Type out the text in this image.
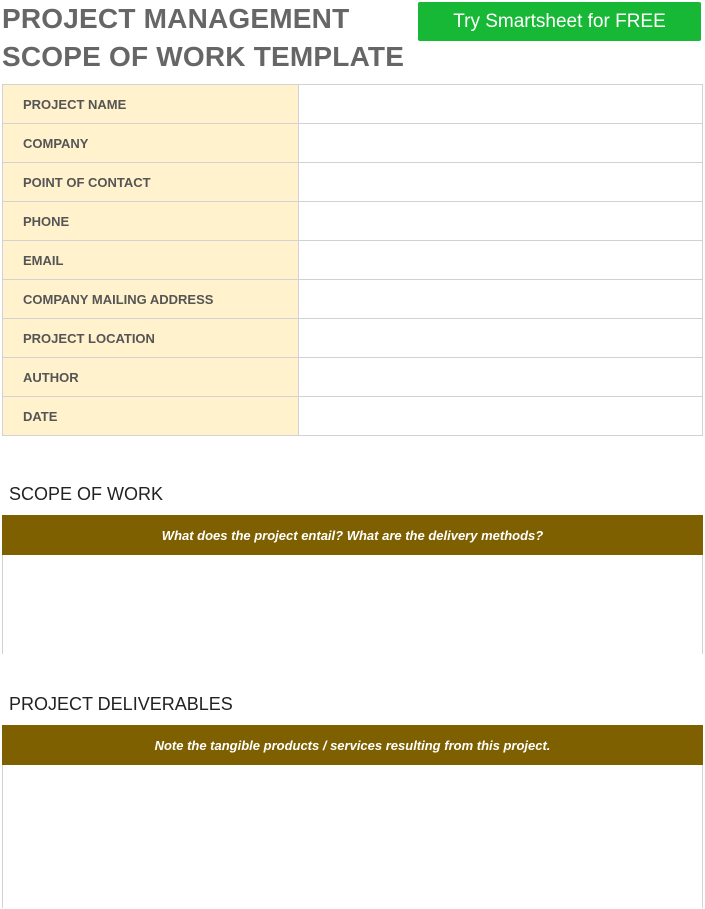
PROJECT MANAGEMENT
SCOPE OF WORK TEMPLATE
Try Smartsheet for FREE
PROJECT NAME	
COMPANY	
POINT OF CONTACT	
PHONE	
EMAIL	
COMPANY MAILING ADDRESS	
PROJECT LOCATION	
AUTHOR	
DATE	
SCOPE OF WORK
What does the project entail? What are the delivery methods?
PROJECT DELIVERABLES
Note the tangible products / services resulting from this project.
